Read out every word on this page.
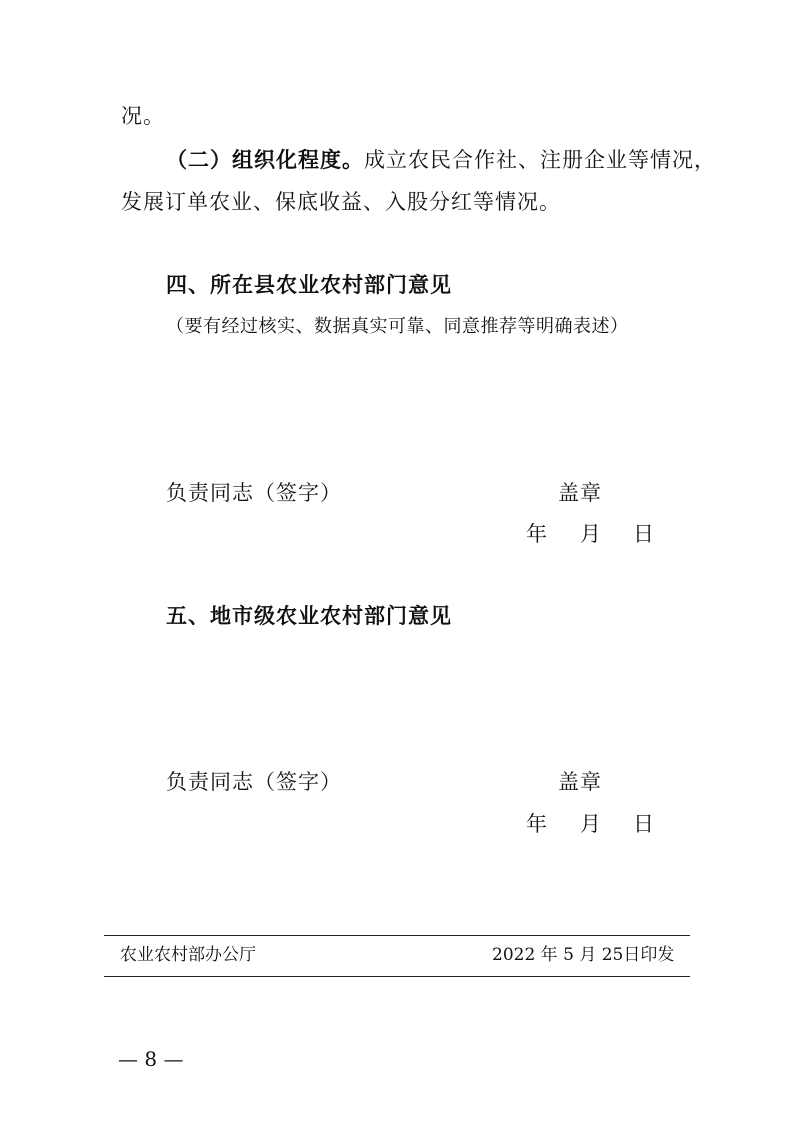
况。
（二）组织化程度。成立农民合作社、注册企业等情况，
发展订单农业、保底收益、入股分红等情况。
四、所在县农业农村部门意见
（要有经过核实、数据真实可靠、同意推荐等明确表述）
负责同志（签字）	盖章
年 月 日
五、地市级农业农村部门意见
负责同志（签字）	盖章
年 月 日
农业农村部办公厅	2022 年 5 月 25日印发
— 8 —
